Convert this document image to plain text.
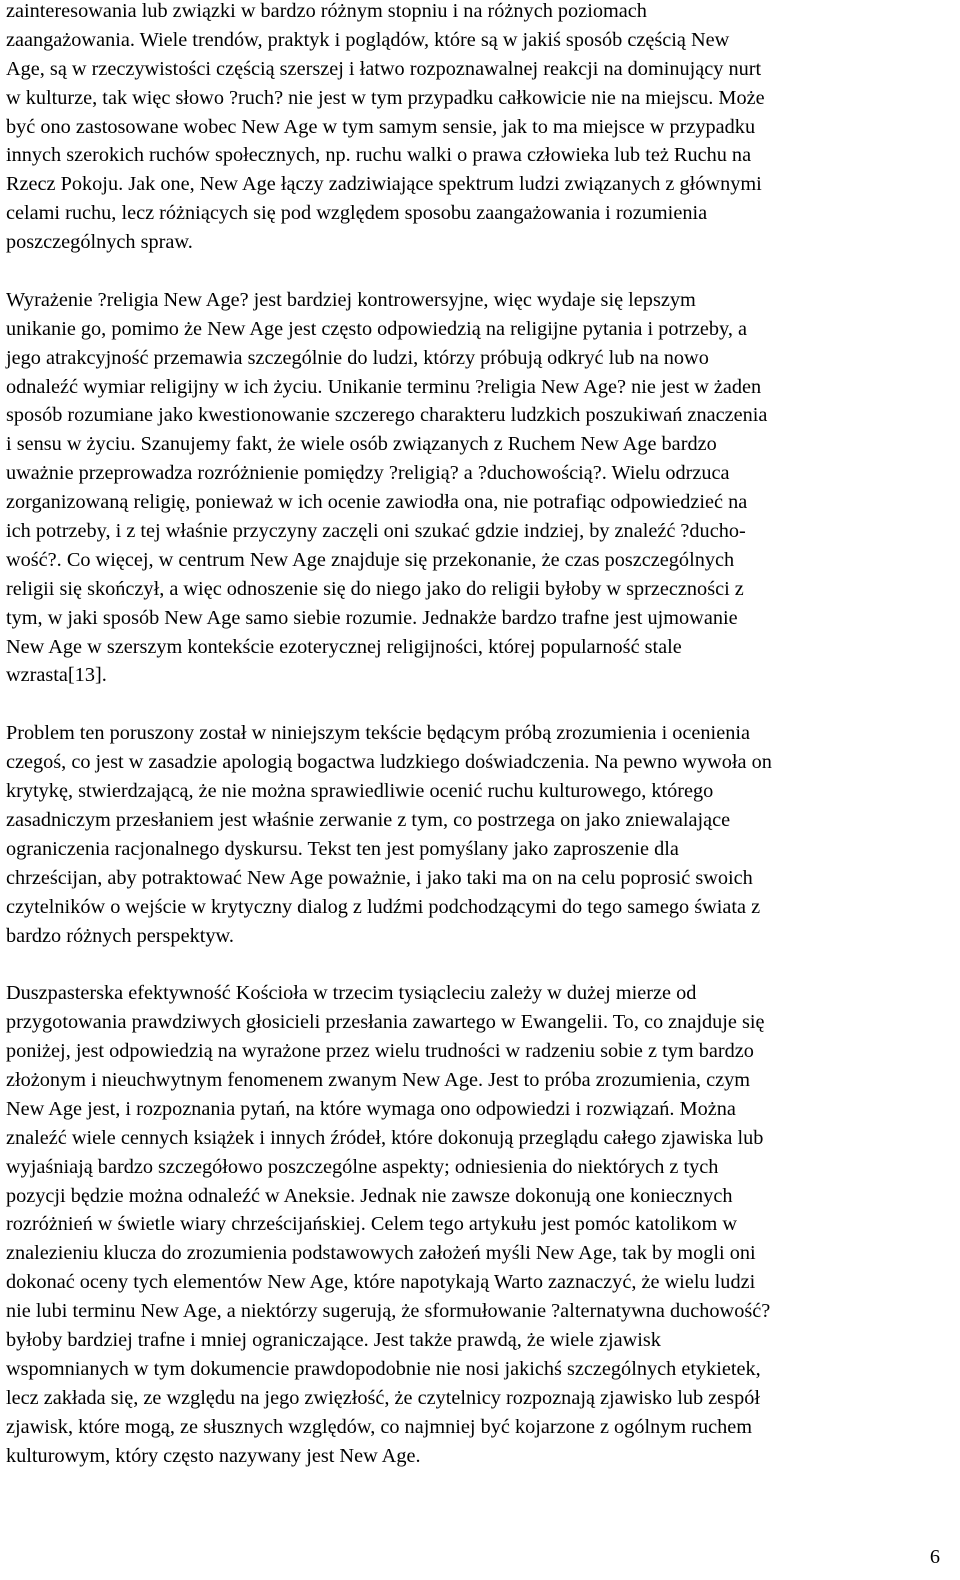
zainteresowania lub związki w bardzo różnym stopniu i na różnych poziomach
zaangażowania. Wiele trendów, praktyk i poglądów, które są w jakiś sposób częścią New
Age, są w rzeczywistości częścią szerszej i łatwo rozpoznawalnej reakcji na dominujący nurt
w kulturze, tak więc słowo ?ruch? nie jest w tym przypadku całkowicie nie na miejscu. Może
być ono zastosowane wobec New Age w tym samym sensie, jak to ma miejsce w przypadku
innych szerokich ruchów społecznych, np. ruchu walki o prawa człowieka lub też Ruchu na
Rzecz Pokoju. Jak one, New Age łączy zadziwiające spektrum ludzi związanych z głównymi
celami ruchu, lecz różniących się pod względem sposobu zaangażowania i rozumienia
poszczególnych spraw.
Wyrażenie ?religia New Age? jest bardziej kontrowersyjne, więc wydaje się lepszym
unikanie go, pomimo że New Age jest często odpowiedzią na religijne pytania i potrzeby, a
jego atrakcyjność przemawia szczególnie do ludzi, którzy próbują odkryć lub na nowo
odnaleźć wymiar religijny w ich życiu. Unikanie terminu ?religia New Age? nie jest w żaden
sposób rozumiane jako kwestionowanie szczerego charakteru ludzkich poszukiwań znaczenia
i sensu w życiu. Szanujemy fakt, że wiele osób związanych z Ruchem New Age bardzo
uważnie przeprowadza rozróżnienie pomiędzy ?religią? a ?duchowością?. Wielu odrzuca
zorganizowaną religię, ponieważ w ich ocenie zawiodła ona, nie potrafiąc odpowiedzieć na
ich potrzeby, i z tej właśnie przyczyny zaczęli oni szukać gdzie indziej, by znaleźć ?ducho-
wość?. Co więcej, w centrum New Age znajduje się przekonanie, że czas poszczególnych
religii się skończył, a więc odnoszenie się do niego jako do religii byłoby w sprzeczności z
tym, w jaki sposób New Age samo siebie rozumie. Jednakże bardzo trafne jest ujmowanie
New Age w szerszym kontekście ezoterycznej religijności, której popularność stale
wzrasta[13].
Problem ten poruszony został w niniejszym tekście będącym próbą zrozumienia i ocenienia
czegoś, co jest w zasadzie apologią bogactwa ludzkiego doświadczenia. Na pewno wywoła on
krytykę, stwierdzającą, że nie można sprawiedliwie ocenić ruchu kulturowego, którego
zasadniczym przesłaniem jest właśnie zerwanie z tym, co postrzega on jako zniewalające
ograniczenia racjonalnego dyskursu. Tekst ten jest pomyślany jako zaproszenie dla
chrześcijan, aby potraktować New Age poważnie, i jako taki ma on na celu poprosić swoich
czytelników o wejście w krytyczny dialog z ludźmi podchodzącymi do tego samego świata z
bardzo różnych perspektyw.
Duszpasterska efektywność Kościoła w trzecim tysiącleciu zależy w dużej mierze od
przygotowania prawdziwych głosicieli przesłania zawartego w Ewangelii. To, co znajduje się
poniżej, jest odpowiedzią na wyrażone przez wielu trudności w radzeniu sobie z tym bardzo
złożonym i nieuchwytnym fenomenem zwanym New Age. Jest to próba zrozumienia, czym
New Age jest, i rozpoznania pytań, na które wymaga ono odpowiedzi i rozwiązań. Można
znaleźć wiele cennych książek i innych źródeł, które dokonują przeglądu całego zjawiska lub
wyjaśniają bardzo szczegółowo poszczególne aspekty; odniesienia do niektórych z tych
pozycji będzie można odnaleźć w Aneksie. Jednak nie zawsze dokonują one koniecznych
rozróżnień w świetle wiary chrześcijańskiej. Celem tego artykułu jest pomóc katolikom w
znalezieniu klucza do zrozumienia podstawowych założeń myśli New Age, tak by mogli oni
dokonać oceny tych elementów New Age, które napotykają Warto zaznaczyć, że wielu ludzi
nie lubi terminu New Age, a niektórzy sugerują, że sformułowanie ?alternatywna duchowość?
byłoby bardziej trafne i mniej ograniczające. Jest także prawdą, że wiele zjawisk
wspomnianych w tym dokumencie prawdopodobnie nie nosi jakichś szczególnych etykietek,
lecz zakłada się, ze względu na jego zwięzłość, że czytelnicy rozpoznają zjawisko lub zespół
zjawisk, które mogą, ze słusznych względów, co najmniej być kojarzone z ogólnym ruchem
kulturowym, który często nazywany jest New Age.
6
